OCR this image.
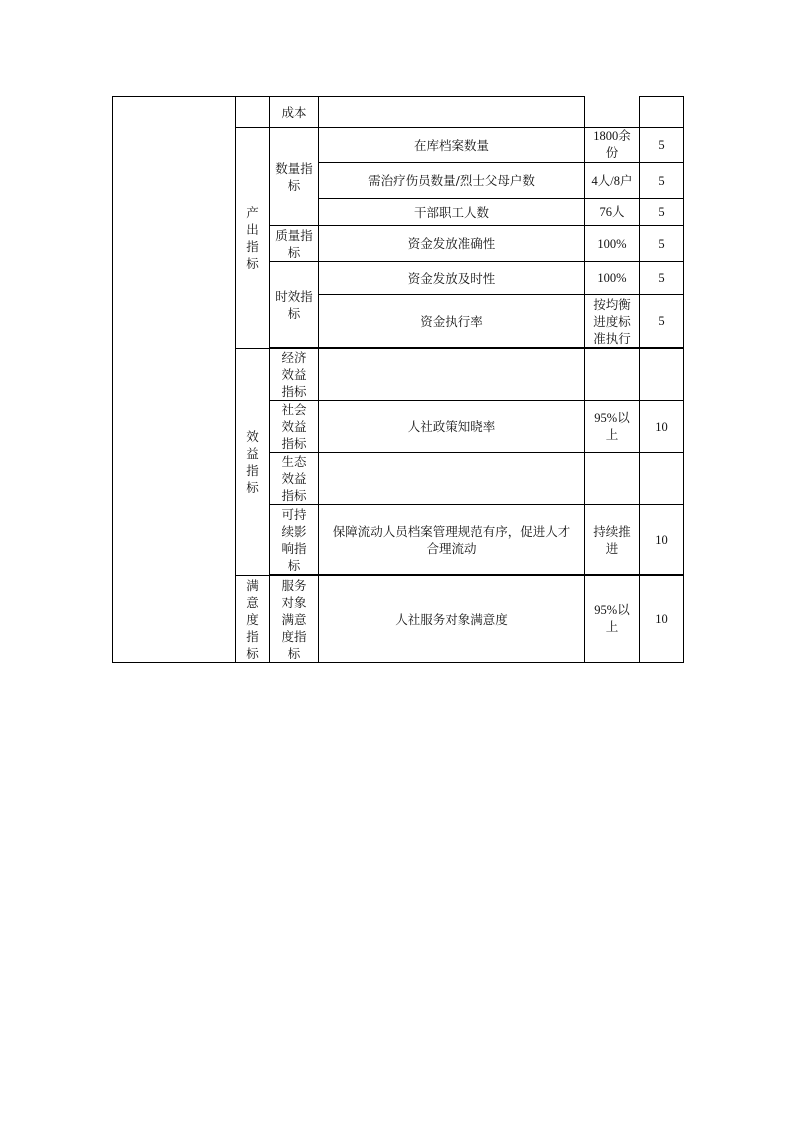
		成本			
	产出指标	数量指标	在库档案数量	1800余份	5
			需治疗伤员数量/烈士父母户数	4人/8户	5
			干部职工人数	76人	5
		质量指标	资金发放准确性	100%	5
		时效指标	资金发放及时性	100%	5
			资金执行率	按均衡进度标准执行	5

	效益指标	经济效益指标			
		社会效益指标	人社政策知晓率	95%以上	10
		生态效益指标			
		可持续影响指标	保障流动人员档案管理规范有序，促进人才合理流动	持续推进	10

	满意度指标	服务对象满意度指标	人社服务对象满意度	95%以上	10
